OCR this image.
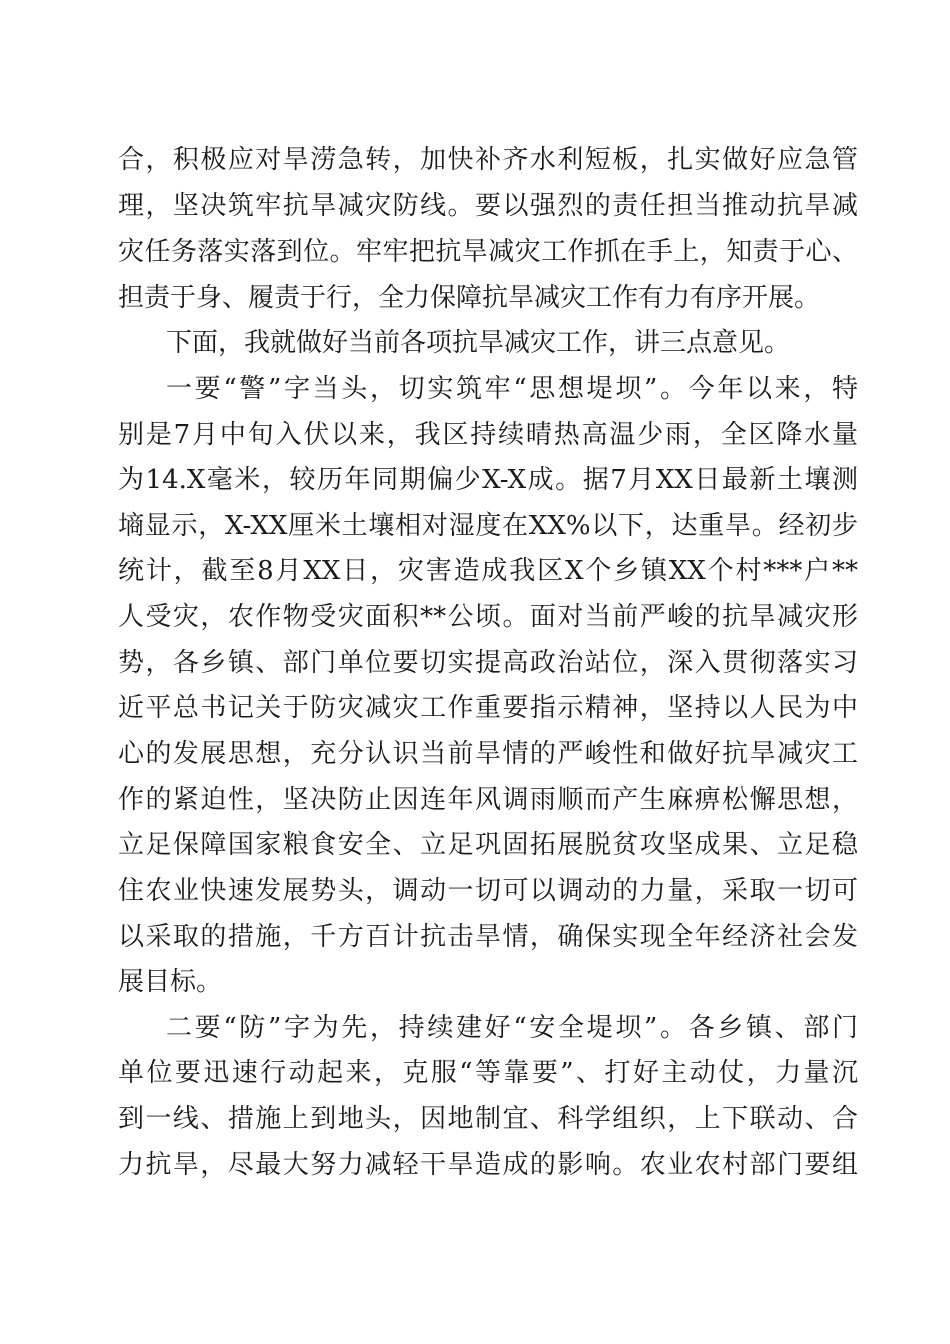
合，积极应对旱涝急转，加快补齐水利短板，扎实做好应急管
理，坚决筑牢抗旱减灾防线。要以强烈的责任担当推动抗旱减
灾任务落实落到位。牢牢把抗旱减灾工作抓在手上，知责于心、
担责于身、履责于行，全力保障抗旱减灾工作有力有序开展。
下面，我就做好当前各项抗旱减灾工作，讲三点意见。
一要“警”字当头，切实筑牢“思想堤坝”。今年以来，特
别是7月中旬入伏以来，我区持续晴热高温少雨，全区降水量
为14.X毫米，较历年同期偏少X-X成。据7月XX日最新土壤测
墒显示，X-XX厘米土壤相对湿度在XX%以下，达重旱。经初步
统计，截至8月XX日，灾害造成我区X个乡镇XX个村***户**
人受灾，农作物受灾面积**公顷。面对当前严峻的抗旱减灾形
势，各乡镇、部门单位要切实提高政治站位，深入贯彻落实习
近平总书记关于防灾减灾工作重要指示精神，坚持以人民为中
心的发展思想，充分认识当前旱情的严峻性和做好抗旱减灾工
作的紧迫性，坚决防止因连年风调雨顺而产生麻痹松懈思想，
立足保障国家粮食安全、立足巩固拓展脱贫攻坚成果、立足稳
住农业快速发展势头，调动一切可以调动的力量，采取一切可
以采取的措施，千方百计抗击旱情，确保实现全年经济社会发
展目标。
二要“防”字为先，持续建好“安全堤坝”。各乡镇、部门
单位要迅速行动起来，克服“等靠要”、打好主动仗，力量沉
到一线、措施上到地头，因地制宜、科学组织，上下联动、合
力抗旱，尽最大努力减轻干旱造成的影响。农业农村部门要组
